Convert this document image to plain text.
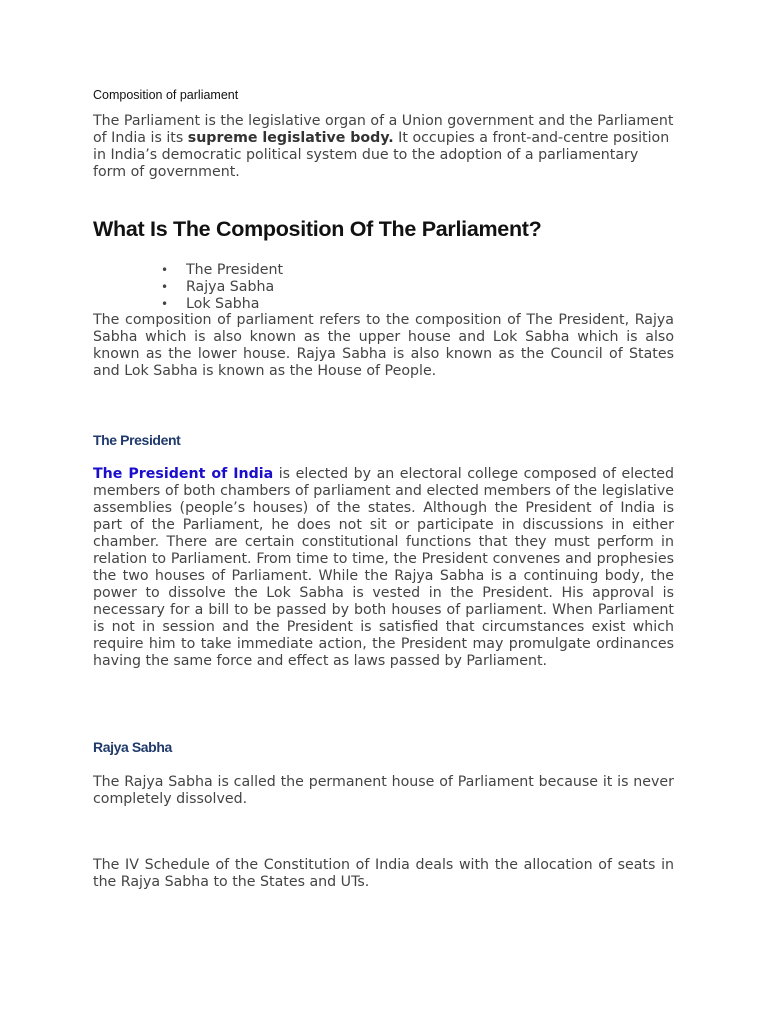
Composition of parliament

The Parliament is the legislative organ of a Union government and the Parliament of India is its supreme legislative body. It occupies a front-and-centre position in India’s democratic political system due to the adoption of a parliamentary form of government.

What Is The Composition Of The Parliament?
• The President
• Rajya Sabha
• Lok Sabha

The composition of parliament refers to the composition of The President, Rajya Sabha which is also known as the upper house and Lok Sabha which is also known as the lower house. Rajya Sabha is also known as the Council of States and Lok Sabha is known as the House of People.

The President

The President of India is elected by an electoral college composed of elected members of both chambers of parliament and elected members of the legislative assemblies (people’s houses) of the states. Although the President of India is part of the Parliament, he does not sit or participate in discussions in either chamber. There are certain constitutional functions that they must perform in relation to Parliament. From time to time, the President convenes and prophesies the two houses of Parliament. While the Rajya Sabha is a continuing body, the power to dissolve the Lok Sabha is vested in the President. His approval is necessary for a bill to be passed by both houses of parliament. When Parliament is not in session and the President is satisfied that circumstances exist which require him to take immediate action, the President may promulgate ordinances having the same force and effect as laws passed by Parliament.

Rajya Sabha

The Rajya Sabha is called the permanent house of Parliament because it is never completely dissolved.

The IV Schedule of the Constitution of India deals with the allocation of seats in the Rajya Sabha to the States and UTs.
